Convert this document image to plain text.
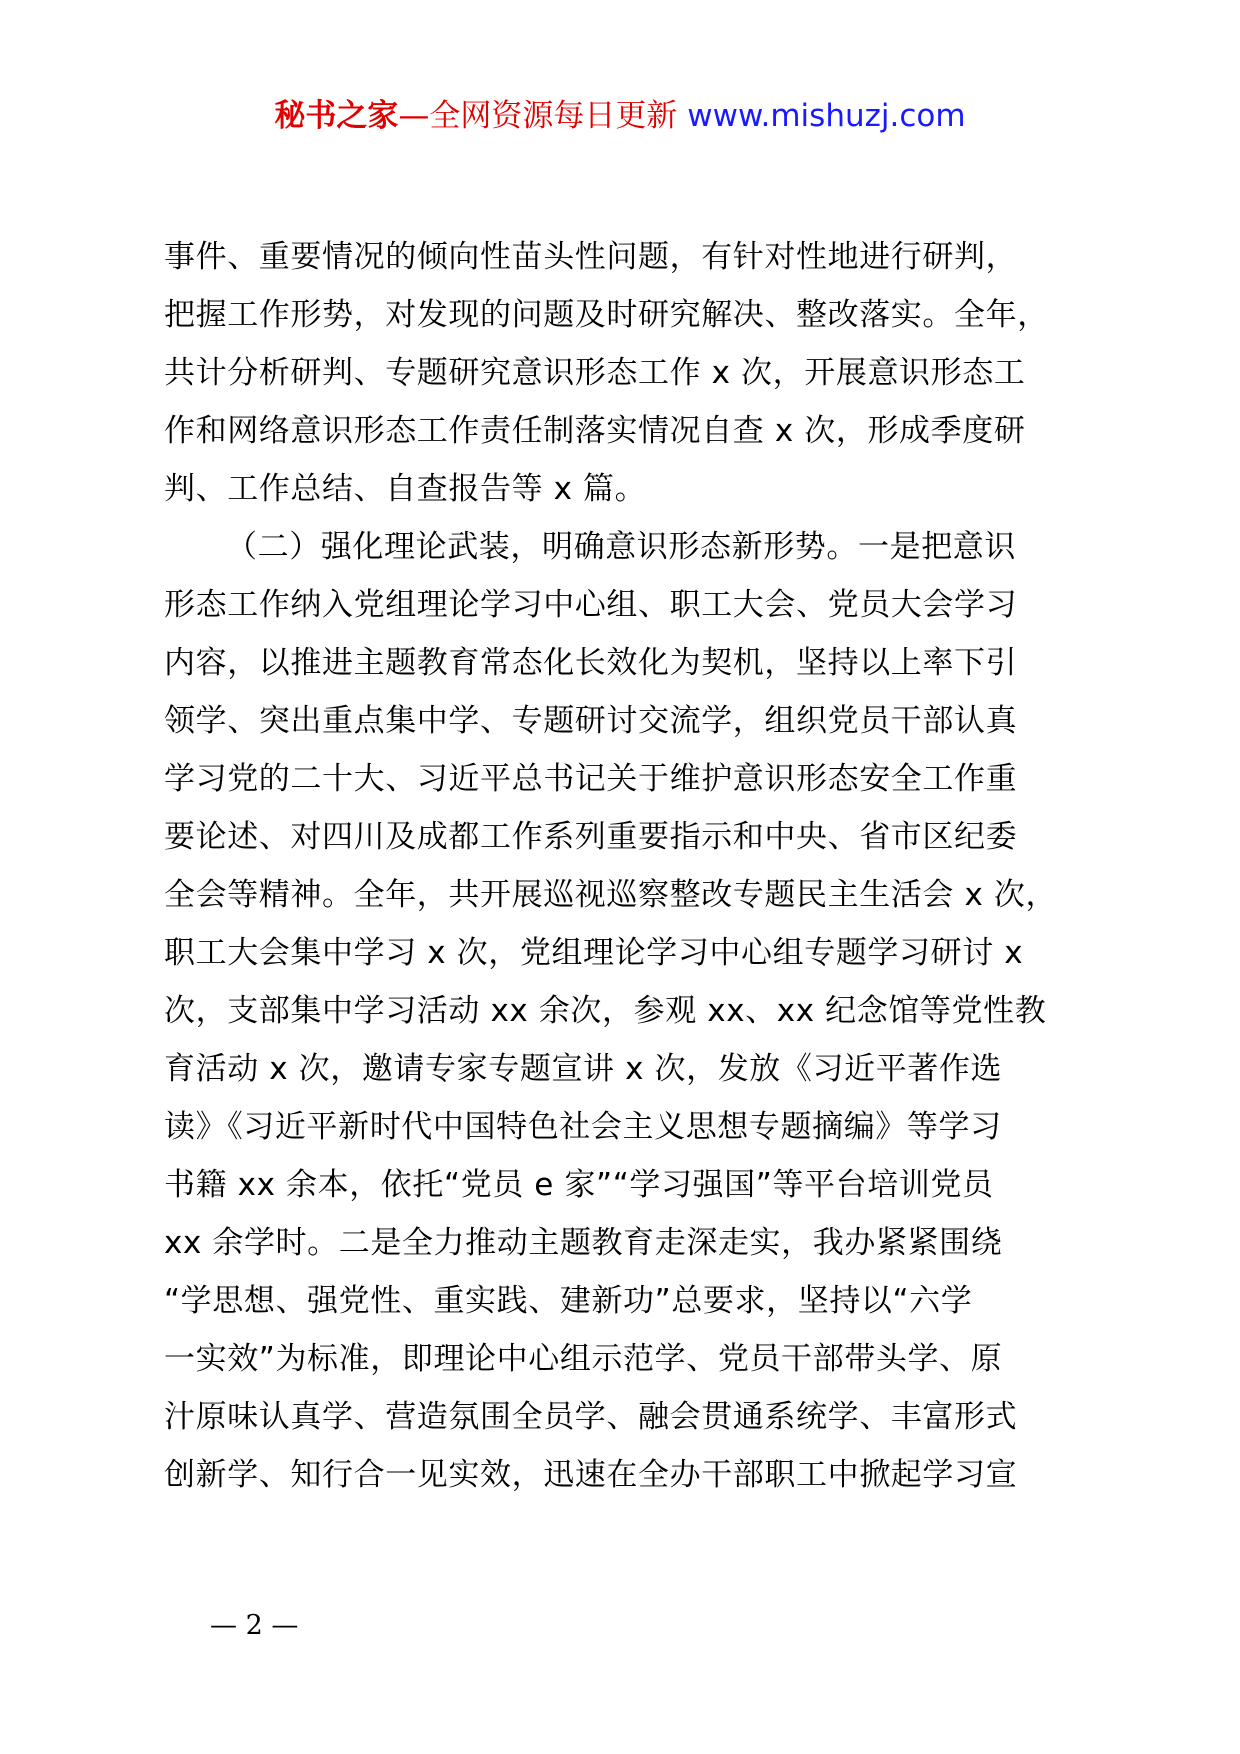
秘书之家—全网资源每日更新 www.mishuzj.com
事件、重要情况的倾向性苗头性问题，有针对性地进行研判，
把握工作形势，对发现的问题及时研究解决、整改落实。全年，
共计分析研判、专题研究意识形态工作 x 次，开展意识形态工
作和网络意识形态工作责任制落实情况自查 x 次，形成季度研
判、工作总结、自查报告等 x 篇。
（二）强化理论武装，明确意识形态新形势。一是把意识
形态工作纳入党组理论学习中心组、职工大会、党员大会学习
内容，以推进主题教育常态化长效化为契机，坚持以上率下引
领学、突出重点集中学、专题研讨交流学，组织党员干部认真
学习党的二十大、习近平总书记关于维护意识形态安全工作重
要论述、对四川及成都工作系列重要指示和中央、省市区纪委
全会等精神。全年，共开展巡视巡察整改专题民主生活会 x 次，
职工大会集中学习 x 次，党组理论学习中心组专题学习研讨 x
次，支部集中学习活动 xx 余次，参观 xx、xx 纪念馆等党性教
育活动 x 次，邀请专家专题宣讲 x 次，发放《习近平著作选
读》《习近平新时代中国特色社会主义思想专题摘编》等学习
书籍 xx 余本，依托“党员 e 家”“学习强国”等平台培训党员
xx 余学时。二是全力推动主题教育走深走实，我办紧紧围绕
“学思想、强党性、重实践、建新功”总要求，坚持以“六学
一实效”为标准，即理论中心组示范学、党员干部带头学、原
汁原味认真学、营造氛围全员学、融会贯通系统学、丰富形式
创新学、知行合一见实效，迅速在全办干部职工中掀起学习宣
— 2 —
